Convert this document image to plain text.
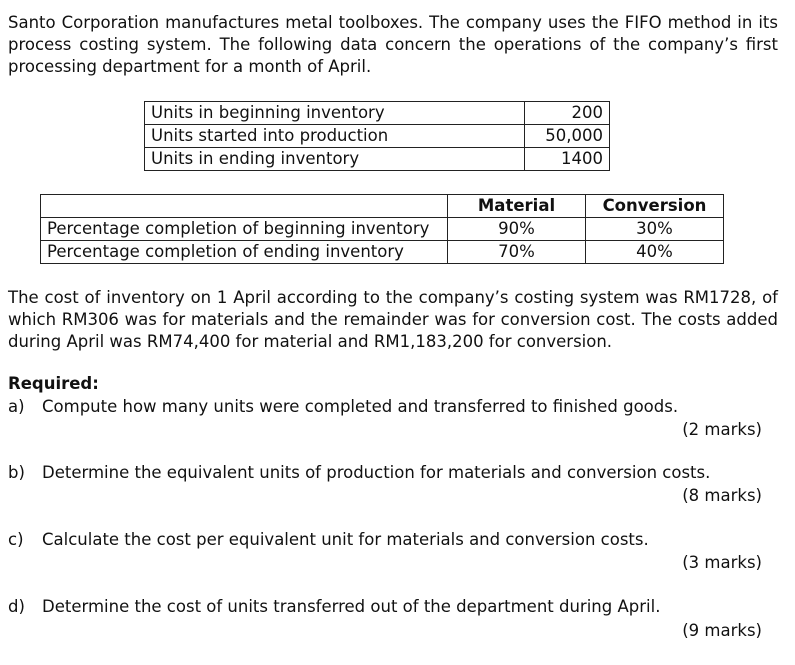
Santo Corporation manufactures metal toolboxes. The company uses the FIFO method in its process costing system. The following data concern the operations of the company’s first processing department for a month of April.

Units in beginning inventory	200
Units started into production	50,000
Units in ending inventory	1400
	Material	Conversion
Percentage completion of beginning inventory	90%	30%
Percentage completion of ending inventory	70%	40%

The cost of inventory on 1 April according to the company’s costing system was RM1728, of which RM306 was for materials and the remainder was for conversion cost. The costs added during April was RM74,400 for material and RM1,183,200 for conversion.

Required:
a) Compute how many units were completed and transferred to finished goods.
(2 marks)
b) Determine the equivalent units of production for materials and conversion costs.
(8 marks)
c) Calculate the cost per equivalent unit for materials and conversion costs.
(3 marks)
d) Determine the cost of units transferred out of the department during April.
(9 marks)
